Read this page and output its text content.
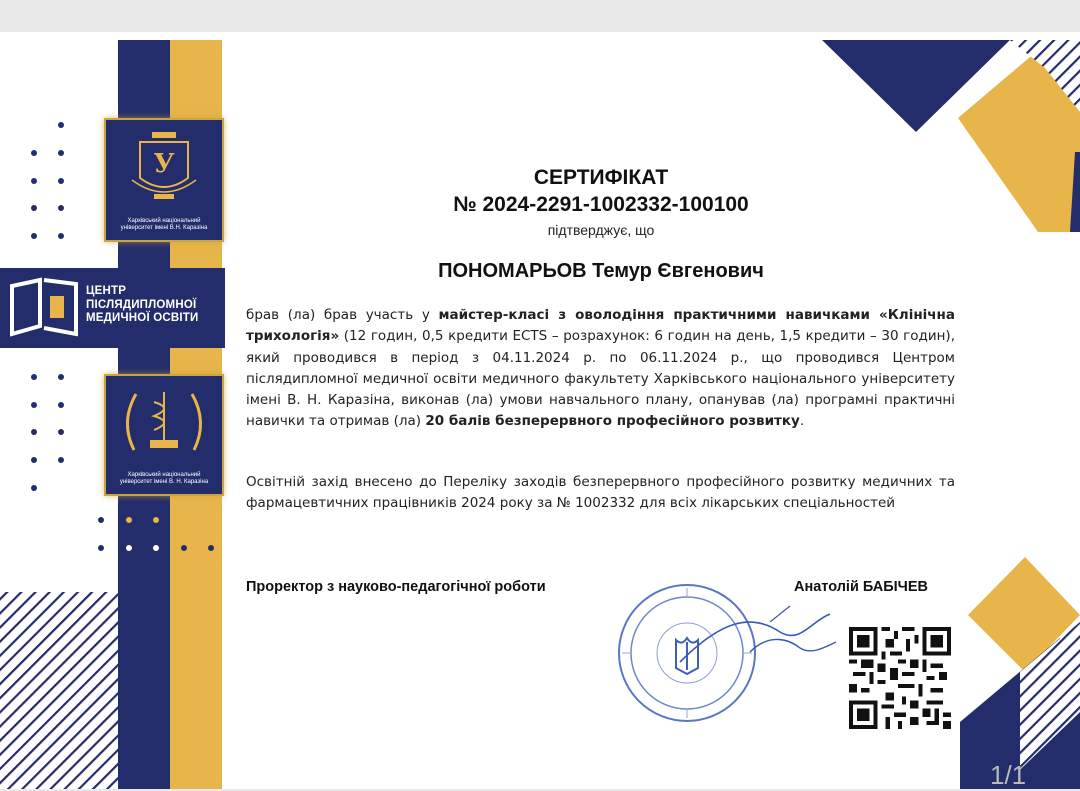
У
Харківський національний університет імені В.Н. Каразіна
ЦЕНТР
ПІСЛЯДИПЛОМНОЇ
МЕДИЧНОЇ ОСВІТИ
Харківський національний університет імені В. Н. Каразіна
СЕРТИФІКАТ
№ 2024-2291-1002332-100100
підтверджує, що
ПОНОМАРЬОВ Темур Євгенович

брав (ла) брав участь у майстер-класі з оволодіння практичними навичками «Клінічна трихологія» (12 годин, 0,5 кредити ECTS – розрахунок: 6 годин на день, 1,5 кредити – 30 годин), який проводився в період з 04.11.2024 р. по 06.11.2024 р., що проводився Центром післядипломної медичної освіти медичного факультету Харківського національного університету імені В. Н. Каразіна, виконав (ла) умови навчального плану, опанував (ла) програмні практичні навички та отримав (ла) 20 балів безперервного професійного розвитку.

Освітній захід внесено до Переліку заходів безперервного професійного розвитку медичних та фармацевтичних працівників 2024 року за № 1002332 для всіх лікарських спеціальностей

Проректор з науково-педагогічної роботи	Анатолій БАБІЧЕВ
1/1
